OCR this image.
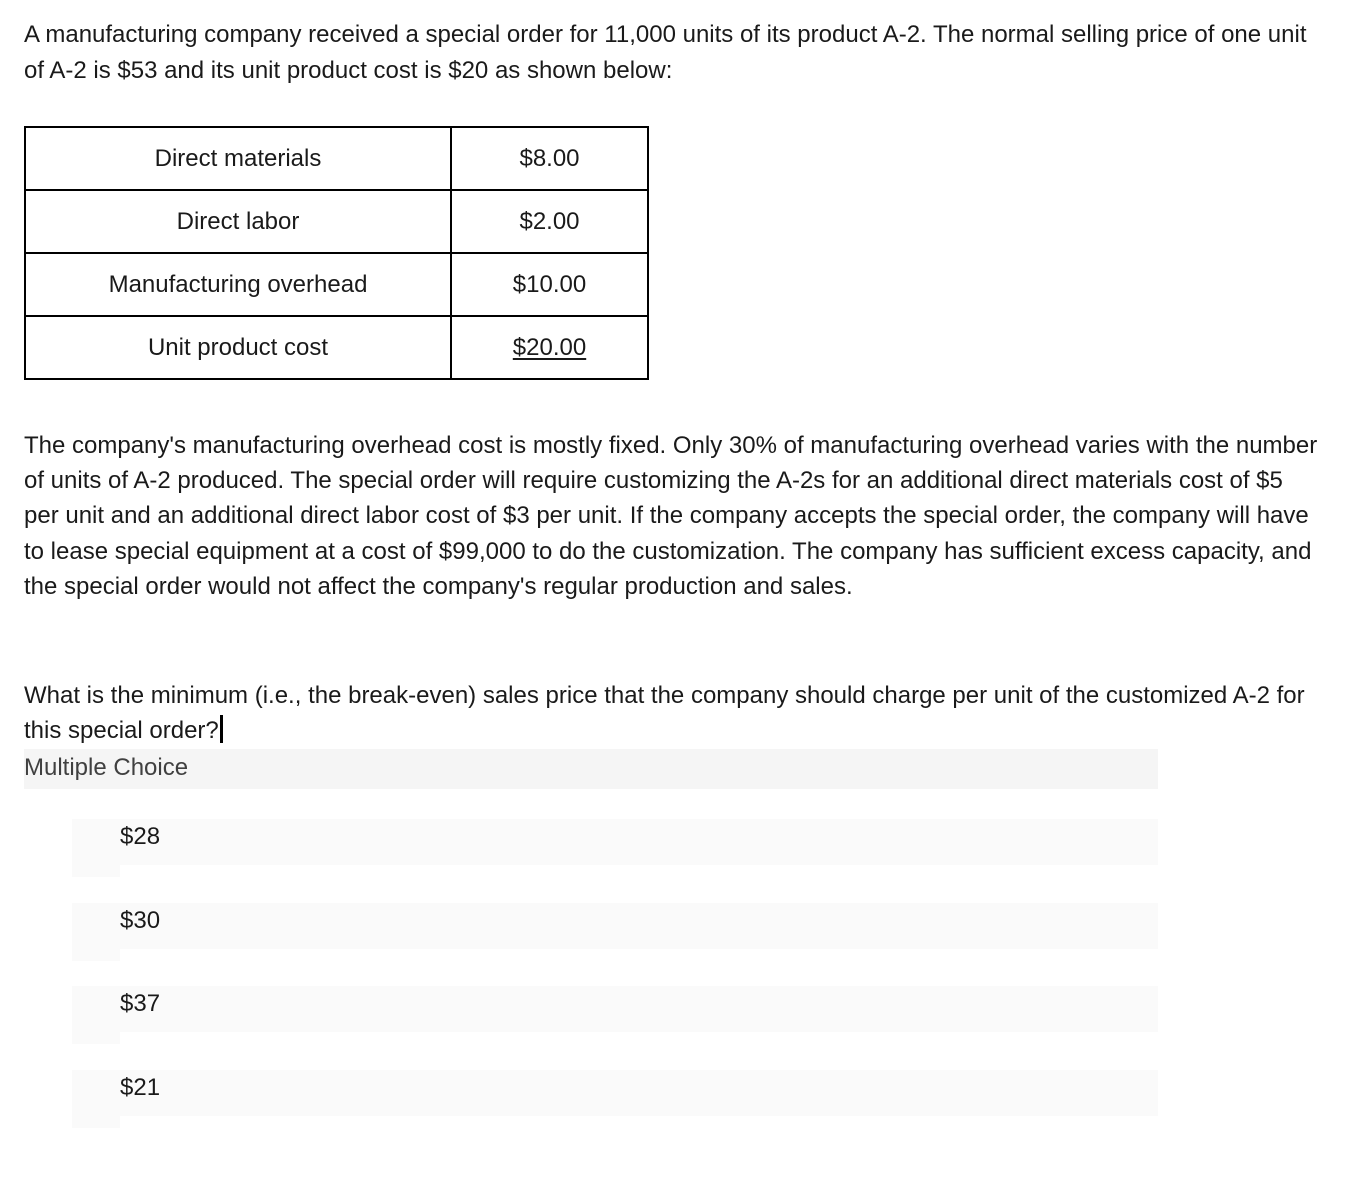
A manufacturing company received a special order for 11,000 units of its product A-2. The normal selling price of one unit of A-2 is $53 and its unit product cost is $20 as shown below:

Direct materials	$8.00
Direct labor	$2.00
Manufacturing overhead	$10.00
Unit product cost	$20.00

The company's manufacturing overhead cost is mostly fixed. Only 30% of manufacturing overhead varies with the number of units of A-2 produced. The special order will require customizing the A-2s for an additional direct materials cost of $5 per unit and an additional direct labor cost of $3 per unit. If the company accepts the special order, the company will have to lease special equipment at a cost of $99,000 to do the customization. The company has sufficient excess capacity, and the special order would not affect the company's regular production and sales.

What is the minimum (i.e., the break-even) sales price that the company should charge per unit of the customized A-2 for this special order?

Multiple Choice
$28
$30
$37
$21
